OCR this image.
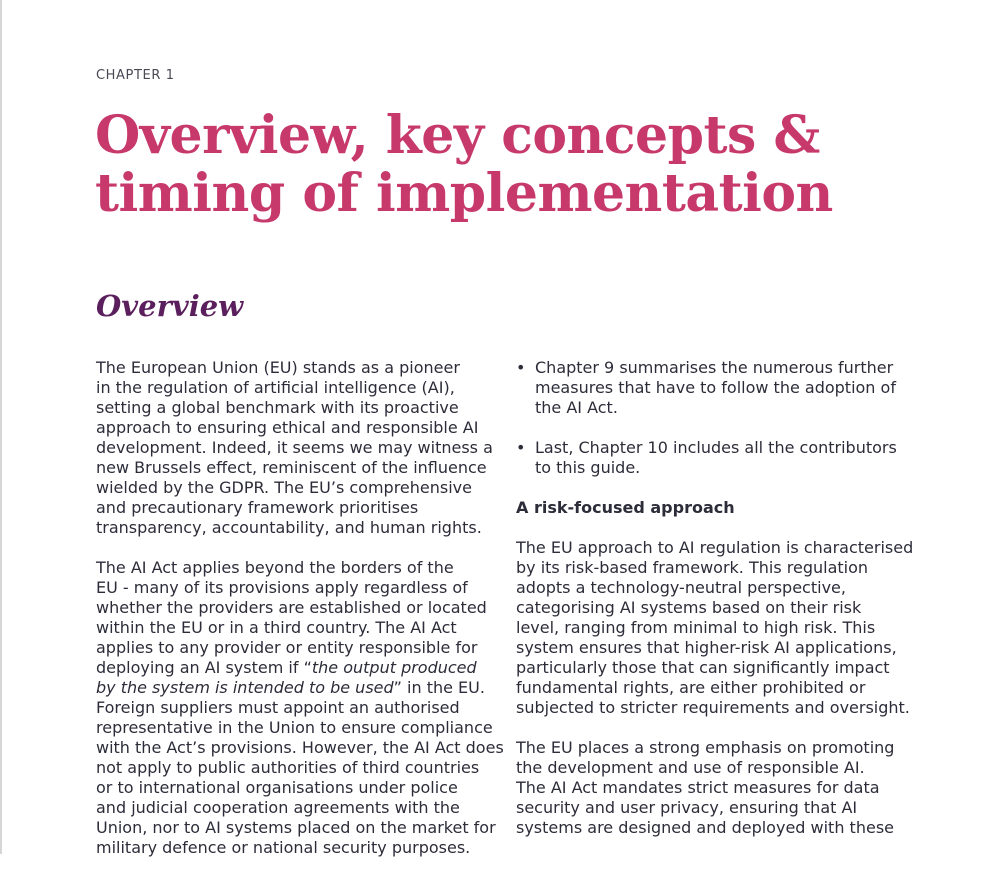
CHAPTER 1
Overview, key concepts &
timing of implementation
Overview

The European Union (EU) stands as a pioneer
in the regulation of artificial intelligence (AI),
setting a global benchmark with its proactive
approach to ensuring ethical and responsible AI
development. Indeed, it seems we may witness a
new Brussels effect, reminiscent of the influence
wielded by the GDPR. The EU’s comprehensive
and precautionary framework prioritises
transparency, accountability, and human rights.

The AI Act applies beyond the borders of the
EU - many of its provisions apply regardless of
whether the providers are established or located
within the EU or in a third country. The AI Act
applies to any provider or entity responsible for
deploying an AI system if “the output produced
by the system is intended to be used” in the EU.
Foreign suppliers must appoint an authorised
representative in the Union to ensure compliance
with the Act’s provisions. However, the AI Act does
not apply to public authorities of third countries
or to international organisations under police
and judicial cooperation agreements with the
Union, nor to AI systems placed on the market for
military defence or national security purposes.

• Chapter 9 summarises the numerous further
measures that have to follow the adoption of
the AI Act.
• Last, Chapter 10 includes all the contributors
to this guide.
A risk-focused approach

The EU approach to AI regulation is characterised
by its risk-based framework. This regulation
adopts a technology-neutral perspective,
categorising AI systems based on their risk
level, ranging from minimal to high risk. This
system ensures that higher-risk AI applications,
particularly those that can significantly impact
fundamental rights, are either prohibited or
subjected to stricter requirements and oversight.

The EU places a strong emphasis on promoting
the development and use of responsible AI.
The AI Act mandates strict measures for data
security and user privacy, ensuring that AI
systems are designed and deployed with these
